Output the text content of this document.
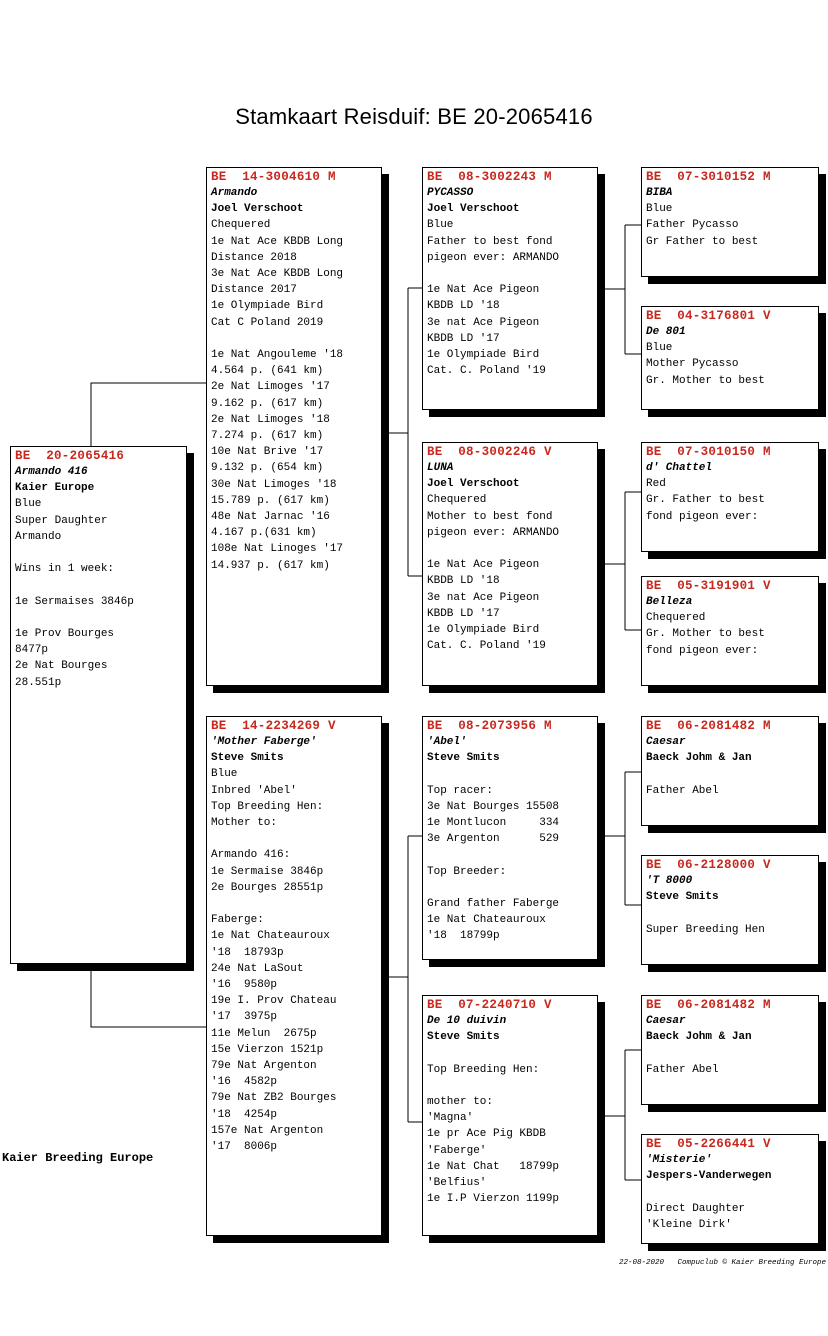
Stamkaart Reisduif: BE 20-2065416
BE  20-2065416
Armando 416
Kaier Europe
Blue
Super Daughter
Armando
Wins in 1 week:
1e Sermaises 3846p
1e Prov Bourges
8477p
2e Nat Bourges
28.551p
BE  14-3004610 M
Armando
Joel Verschoot
Chequered
1e Nat Ace KBDB Long
Distance 2018
3e Nat Ace KBDB Long
Distance 2017
1e Olympiade Bird
Cat C Poland 2019
1e Nat Angouleme '18
4.564 p. (641 km)
2e Nat Limoges '17
9.162 p. (617 km)
2e Nat Limoges '18
7.274 p. (617 km)
10e Nat Brive '17
9.132 p. (654 km)
30e Nat Limoges '18
15.789 p. (617 km)
48e Nat Jarnac '16
4.167 p.(631 km)
108e Nat Linoges '17
14.937 p. (617 km)
BE  14-2234269 V
'Mother Faberge'
Steve Smits
Blue
Inbred 'Abel'
Top Breeding Hen:
Mother to:
Armando 416:
1e Sermaise 3846p
2e Bourges 28551p
Faberge:
1e Nat Chateauroux
'18  18793p
24e Nat LaSout
'16  9580p
19e I. Prov Chateau
'17  3975p
11e Melun  2675p
15e Vierzon 1521p
79e Nat Argenton
'16  4582p
79e Nat ZB2 Bourges
'18  4254p
157e Nat Argenton
'17  8006p
BE  08-3002243 M
PYCASSO
Joel Verschoot
Blue
Father to best fond
pigeon ever: ARMANDO
1e Nat Ace Pigeon
KBDB LD '18
3e nat Ace Pigeon
KBDB LD '17
1e Olympiade Bird
Cat. C. Poland '19
BE  08-3002246 V
LUNA
Joel Verschoot
Chequered
Mother to best fond
pigeon ever: ARMANDO
1e Nat Ace Pigeon
KBDB LD '18
3e nat Ace Pigeon
KBDB LD '17
1e Olympiade Bird
Cat. C. Poland '19
BE  08-2073956 M
'Abel'
Steve Smits
Top racer:
3e Nat Bourges 15508
1e Montlucon     334
3e Argenton      529
Top Breeder:
Grand father Faberge
1e Nat Chateauroux
'18  18799p
BE  07-2240710 V
De 10 duivin
Steve Smits
Top Breeding Hen:
mother to:
'Magna'
1e pr Ace Pig KBDB
'Faberge'
1e Nat Chat   18799p
'Belfius'
1e I.P Vierzon 1199p
BE  07-3010152 M
BIBA
Blue
Father Pycasso
Gr Father to best
BE  04-3176801 V
De 801
Blue
Mother Pycasso
Gr. Mother to best
BE  07-3010150 M
d' Chattel
Red
Gr. Father to best
fond pigeon ever:
BE  05-3191901 V
Belleza
Chequered
Gr. Mother to best
fond pigeon ever:
BE  06-2081482 M
Caesar
Baeck Johm & Jan
Father Abel
BE  06-2128000 V
'T 8000
Steve Smits
Super Breeding Hen
BE  06-2081482 M
Caesar
Baeck Johm & Jan
Father Abel
BE  05-2266441 V
'Misterie'
Jespers-Vanderwegen
Direct Daughter
'Kleine Dirk'
Kaier Breeding Europe
22-08-2020   Compuclub © Kaier Breeding Europe
